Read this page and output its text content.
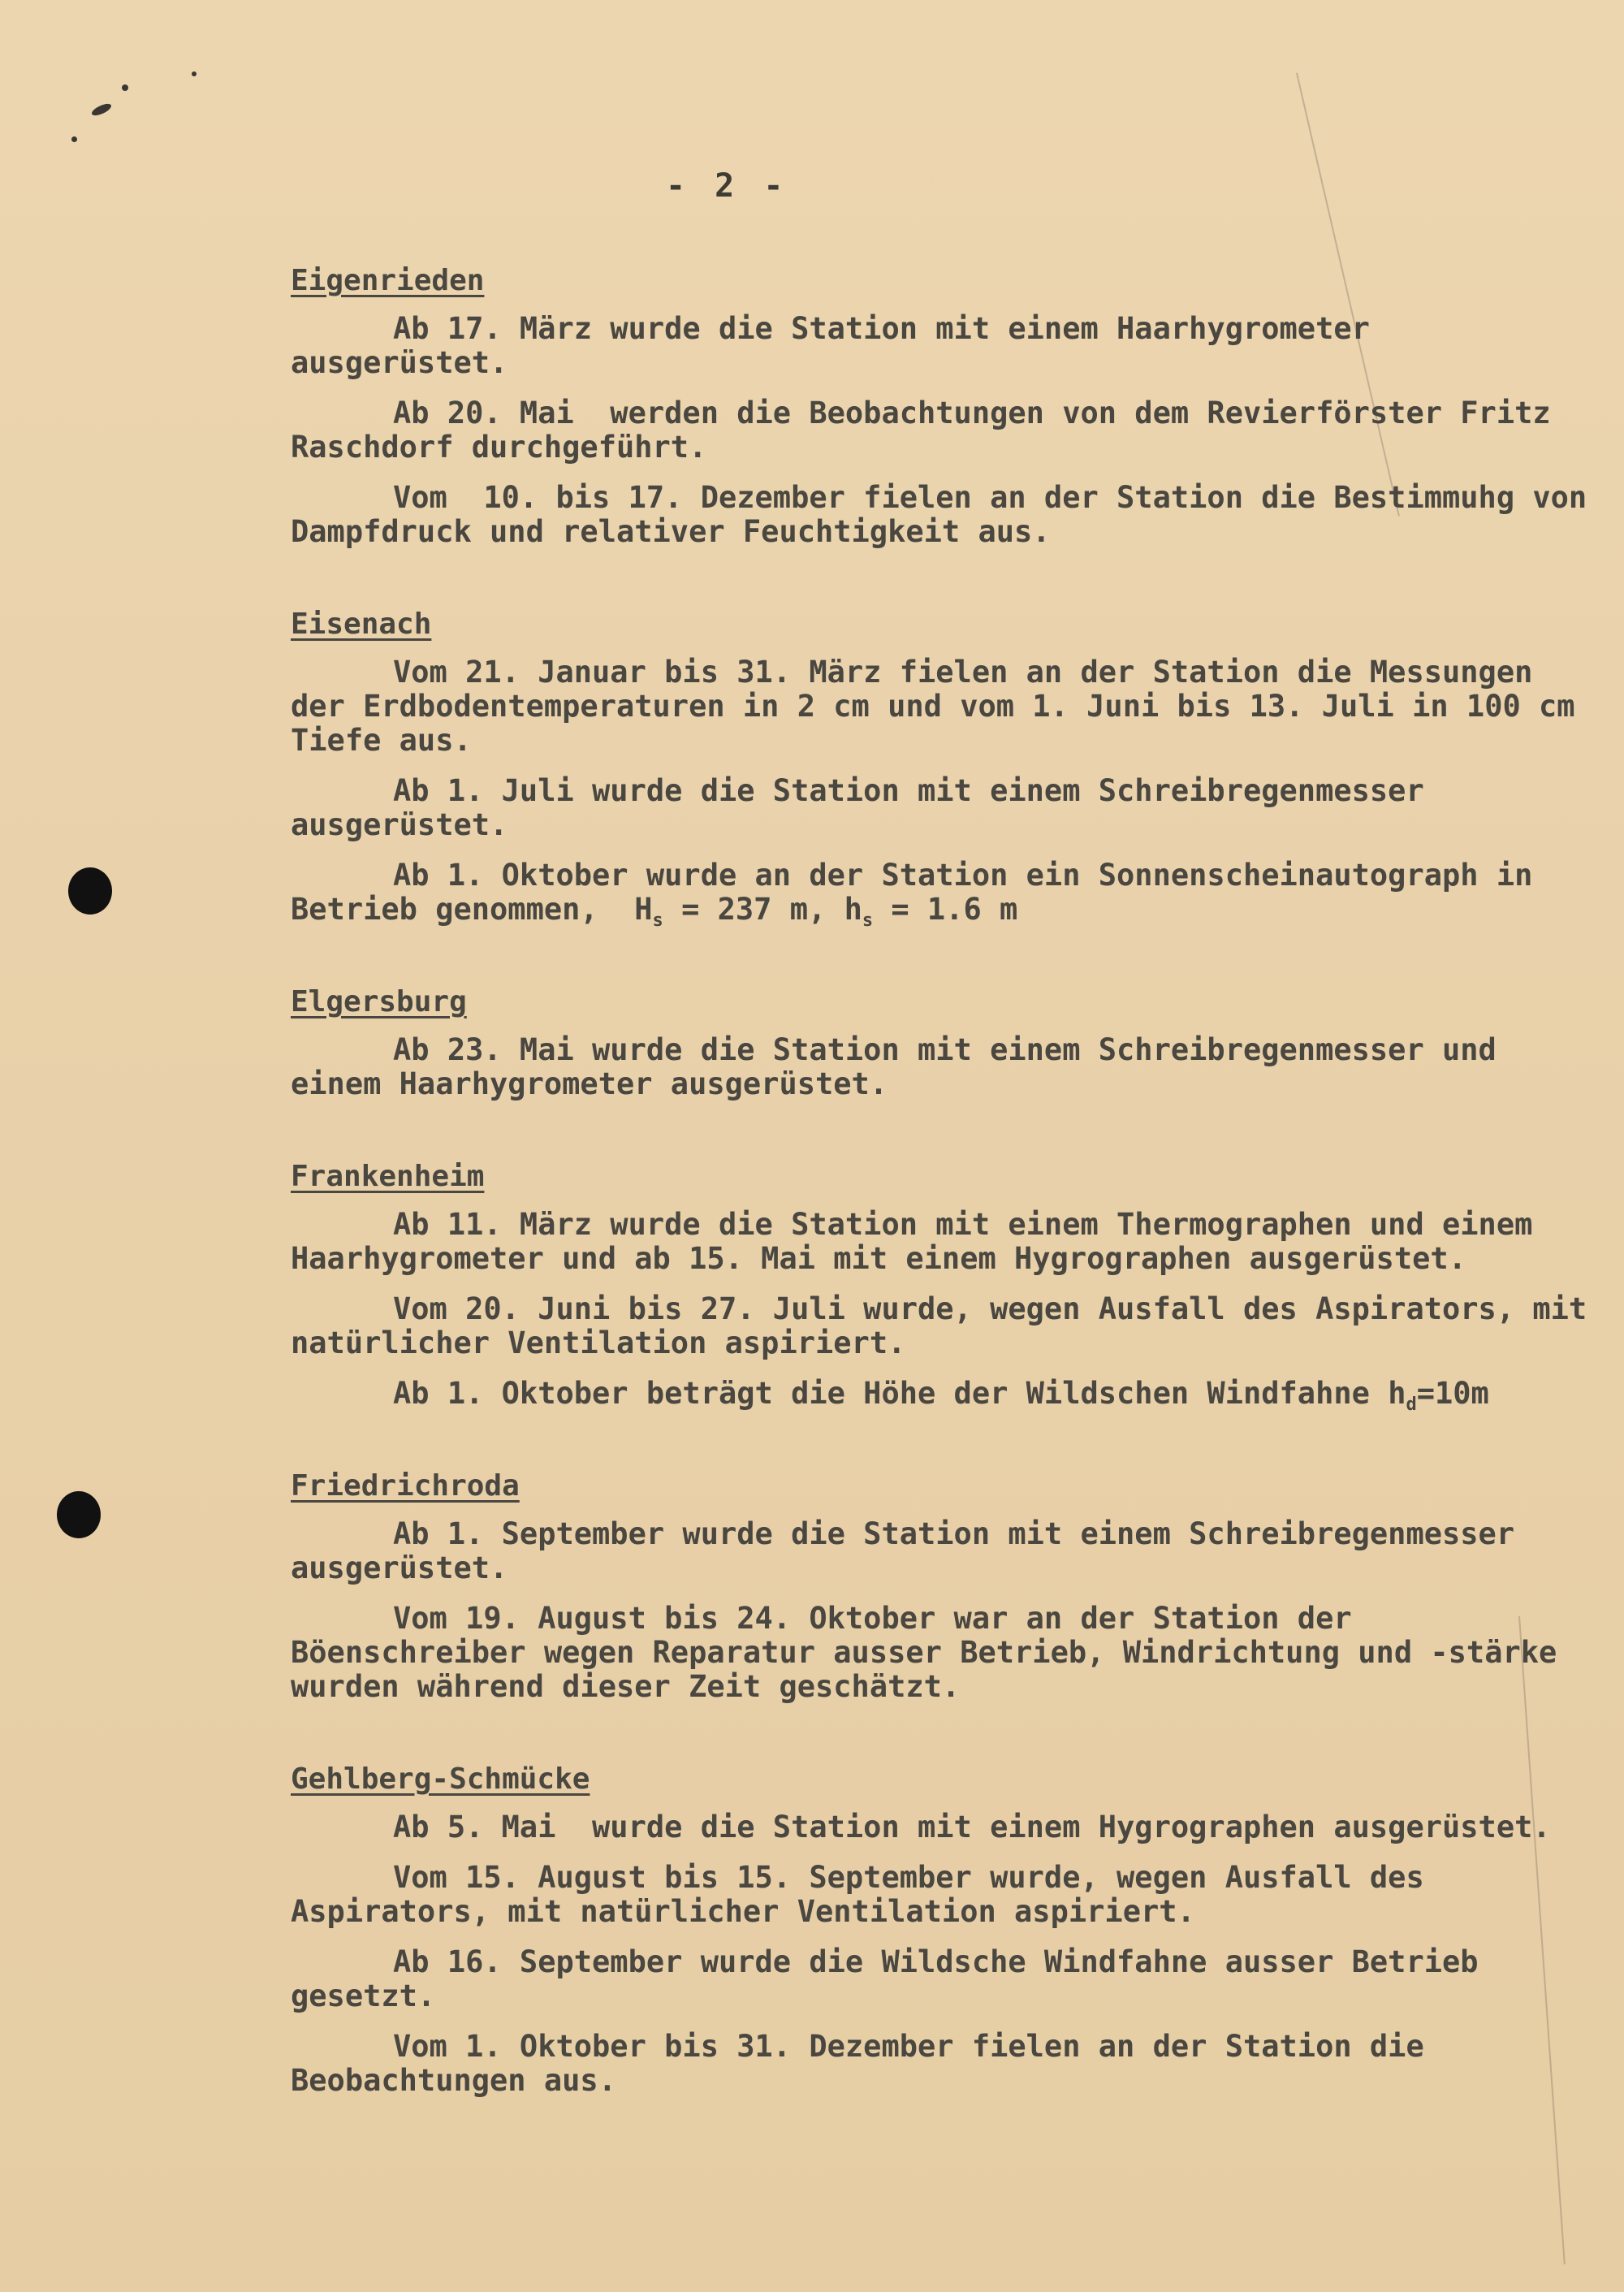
- 2 -
Eigenrieden

Ab 17. März wurde die Station mit einem Haarhygrometer ausgerüstet.

Ab 20. Mai  werden die Beobachtungen von dem Revierförster Fritz Raschdorf durchgeführt.

Vom  10. bis 17. Dezember fielen an der Station die Bestimmuhg von Dampfdruck und relativer Feuchtigkeit aus.

Eisenach

Vom 21. Januar bis 31. März fielen an der Station die Messungen der Erdbodentemperaturen in 2 cm und vom 1. Juni bis 13. Juli in 100 cm Tiefe aus.

Ab 1. Juli wurde die Station mit einem Schreibregenmesser ausgerüstet.

Ab 1. Oktober wurde an der Station ein Sonnenscheinautograph in Betrieb genommen, $H_s = 237$ m, $h_s = 1.6$ m

Elgersburg

Ab 23. Mai wurde die Station mit einem Schreibregenmesser und einem Haarhygrometer ausgerüstet.

Frankenheim

Ab 11. März wurde die Station mit einem Thermographen und einem Haarhygrometer und ab 15. Mai mit einem Hygrographen ausgerüstet.

Vom 20. Juni bis 27. Juli wurde, wegen Ausfall des Aspirators, mit natürlicher Ventilation aspiriert.

Ab 1. Oktober beträgt die Höhe der Wildschen Windfahne $h_d=10m$

Friedrichroda

Ab 1. September wurde die Station mit einem Schreibregenmesser ausgerüstet.

Vom 19. August bis 24. Oktober war an der Station der Böenschreiber wegen Reparatur ausser Betrieb, Windrichtung und -stärke wurden während dieser Zeit geschätzt.

Gehlberg-Schmücke

Ab 5. Mai  wurde die Station mit einem Hygrographen ausgerüstet.

Vom 15. August bis 15. September wurde, wegen Ausfall des Aspirators, mit natürlicher Ventilation aspiriert.

Ab 16. September wurde die Wildsche Windfahne ausser Betrieb gesetzt.

Vom 1. Oktober bis 31. Dezember fielen an der Station die Beobachtungen aus.
